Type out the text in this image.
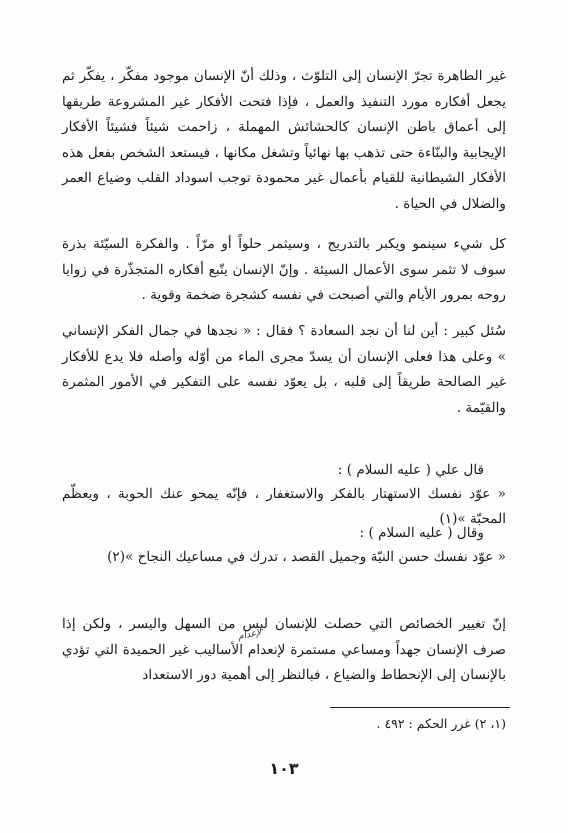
غير الطاهرة تجرّ الإنسان إلى التلوّث ، وذلك أنّ الإنسان موجود مفكّر ، يفكّر ثم يجعل أفكاره مورد التنفيذ والعمل ، فإذا فتحت الأفكار غير المشروعة طريقها إلى أعماق باطن الإنسان كالحشائش المهملة ، زاحمت شيئاً فشيئاً الأفكار الإيجابية والبنّاءة حتى تذهب بها نهائياً وتشغل مكانها ، فيستعد الشخص بفعل هذه الأفكار الشيطانية للقيام بأعمال غير محمودة توجب اسوداد القلب وضياع العمر والضلال في الحياة .

كل شيء سينمو ويكبر بالتدريج ، وسيثمر حلواً أو مرّاً . والفكرة السيّئة بذرة سوف لا تثمر سوى الأعمال السيئة . وإنّ الإنسان يتّبع أفكاره المتجذّرة في زوايا روحه بمرور الأيام والتي أصبحت في نفسه كشجرة ضخمة وقوية .

سُئل كبير : أين لنا أن نجد السعادة ؟ فقال : « نجدها في جمال الفكر الإنساني » وعلى هذا فعلى الإنسان أن يسدّ مجرى الماء من أوّله وأصله فلا يدع للأفكار غير الصالحة طريقاً إلى قلبه ، بل يعوّد نفسه على التفكير في الأمور المثمرة والقيّمة .

قال علي ( عليه السلام ) :

« عوّد نفسك الاستهتار بالفكر والاستغفار ، فإنّه يمحو عنك الحوبة ، ويعظّم المحبّة »(١)

وقال ( عليه السلام ) :

« عوّد نفسك حسن النيّة وجميل القصد ، تدرك في مساعيك النجاح »(٢)

إنّ تغيير الخصائص التي حصلت للإنسان ليس من السهل واليسر ، ولكن إذا صرف الإنسان جهداً ومساعي مستمرة لإنعدام الأساليب غير الحميدة التي تؤدي بالإنسان إلى الإنحطاط والضياع ، فبالنظر إلى أهمية دور الاستعداد

لإعدام

(١، ٢) غرر الحكم : ٤٩٢ .

١٠٣
